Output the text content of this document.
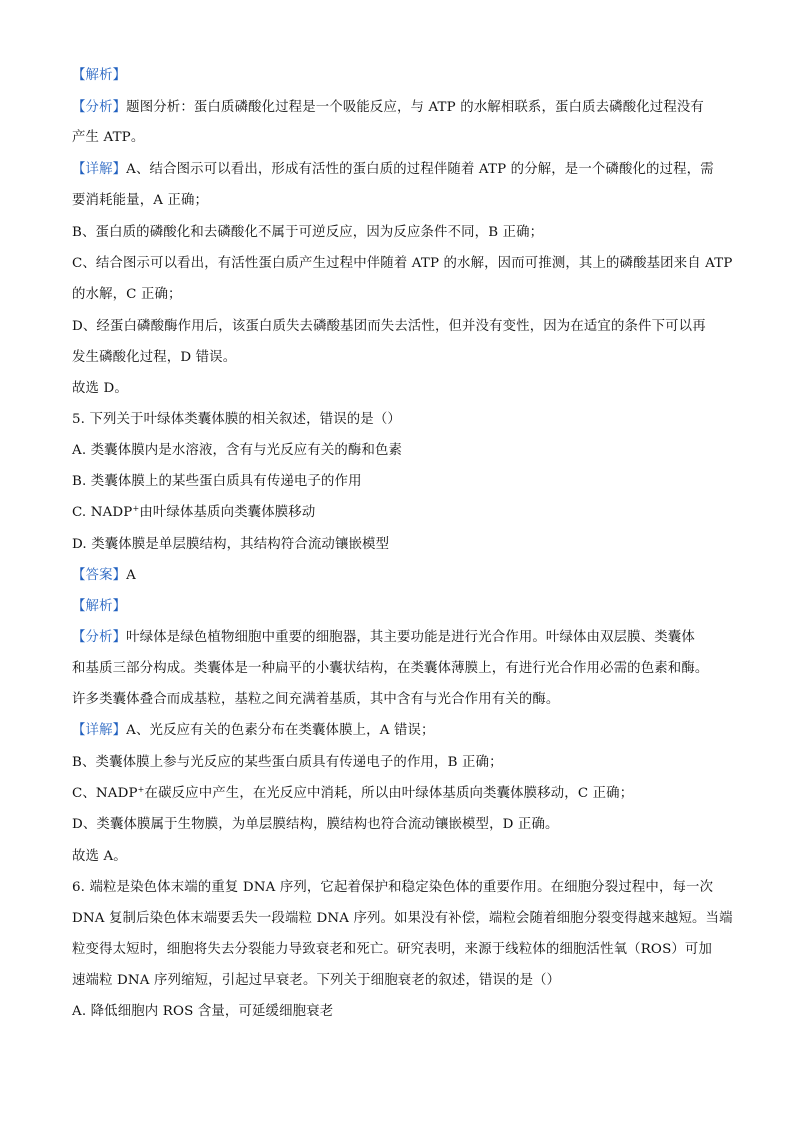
【解析】
【分析】题图分析：蛋白质磷酸化过程是一个吸能反应，与 ATP 的水解相联系，蛋白质去磷酸化过程没有
产生 ATP。
【详解】A、结合图示可以看出，形成有活性的蛋白质的过程伴随着 ATP 的分解，是一个磷酸化的过程，需
要消耗能量，A 正确；
B、蛋白质的磷酸化和去磷酸化不属于可逆反应，因为反应条件不同，B 正确；
C、结合图示可以看出，有活性蛋白质产生过程中伴随着 ATP 的水解，因而可推测，其上的磷酸基团来自 ATP
的水解，C 正确；
D、经蛋白磷酸酶作用后，该蛋白质失去磷酸基团而失去活性，但并没有变性，因为在适宜的条件下可以再
发生磷酸化过程，D 错误。
故选 D。
5. 下列关于叶绿体类囊体膜的相关叙述，错误的是（）
A. 类囊体膜内是水溶液，含有与光反应有关的酶和色素
B. 类囊体膜上的某些蛋白质具有传递电子的作用
C. NADP+由叶绿体基质向类囊体膜移动
D. 类囊体膜是单层膜结构，其结构符合流动镶嵌模型
【答案】A
【解析】
【分析】叶绿体是绿色植物细胞中重要的细胞器，其主要功能是进行光合作用。叶绿体由双层膜、类囊体
和基质三部分构成。类囊体是一种扁平的小囊状结构，在类囊体薄膜上，有进行光合作用必需的色素和酶。
许多类囊体叠合而成基粒，基粒之间充满着基质，其中含有与光合作用有关的酶。
【详解】A、光反应有关的色素分布在类囊体膜上，A 错误；
B、类囊体膜上参与光反应的某些蛋白质具有传递电子的作用，B 正确；
C、NADP+在碳反应中产生，在光反应中消耗，所以由叶绿体基质向类囊体膜移动，C 正确；
D、类囊体膜属于生物膜，为单层膜结构，膜结构也符合流动镶嵌模型，D 正确。
故选 A。
6. 端粒是染色体末端的重复 DNA 序列，它起着保护和稳定染色体的重要作用。在细胞分裂过程中，每一次
DNA 复制后染色体末端要丢失一段端粒 DNA 序列。如果没有补偿，端粒会随着细胞分裂变得越来越短。当端
粒变得太短时，细胞将失去分裂能力导致衰老和死亡。研究表明，来源于线粒体的细胞活性氧（ROS）可加
速端粒 DNA 序列缩短，引起过早衰老。下列关于细胞衰老的叙述，错误的是（）
A. 降低细胞内 ROS 含量，可延缓细胞衰老
